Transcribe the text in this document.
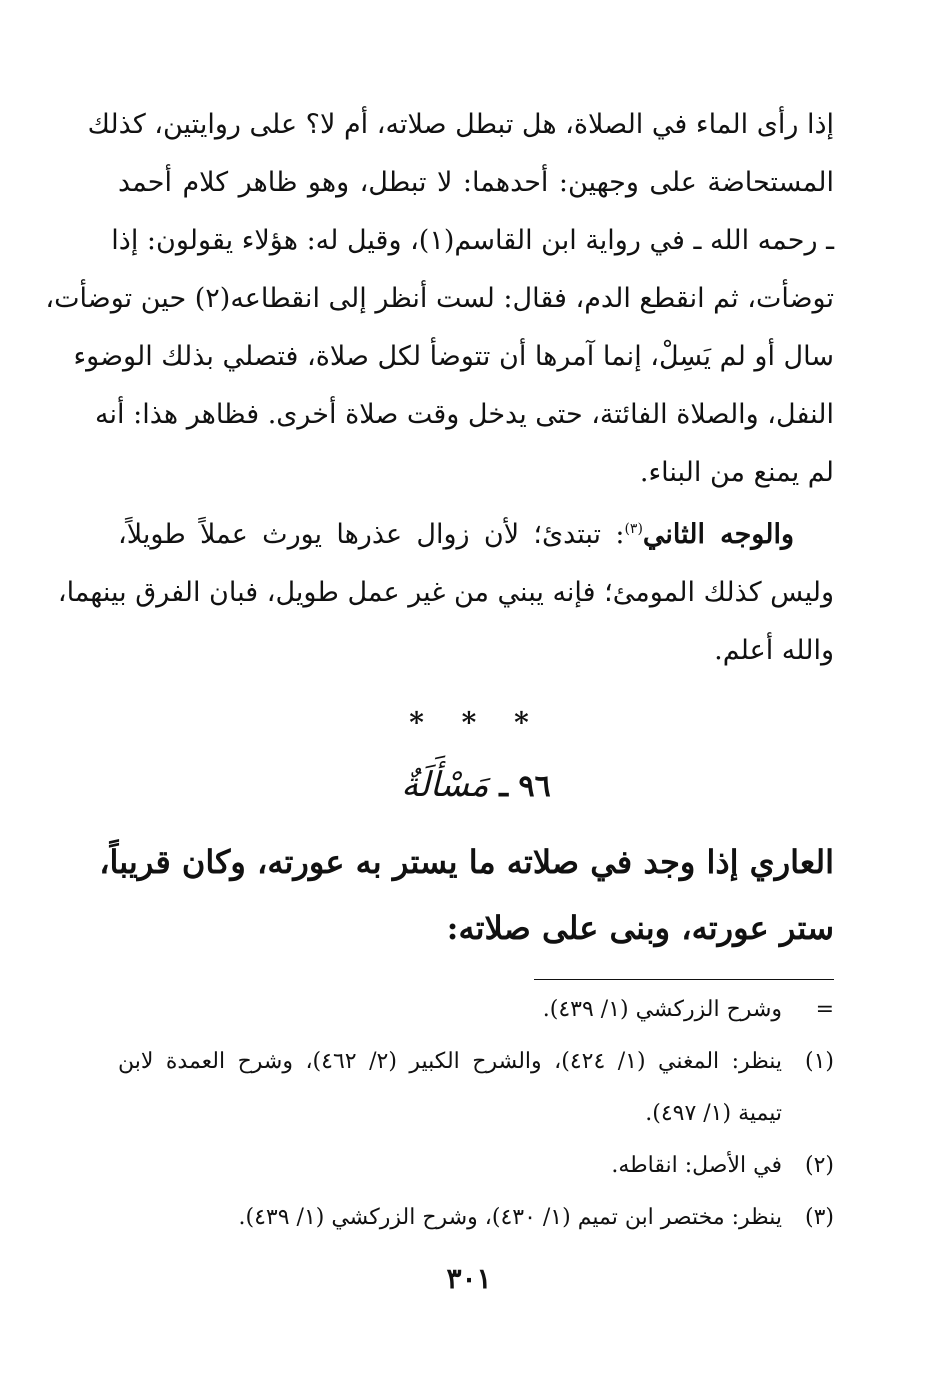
إذا رأى الماء في الصلاة، هل تبطل صلاته، أم لا؟ على روايتين، كذلك
المستحاضة على وجهين: أحدهما: لا تبطل، وهو ظاهر كلام أحمد
ـ رحمه الله ـ في رواية ابن القاسم(١)، وقيل له: هؤلاء يقولون: إذا
توضأت، ثم انقطع الدم، فقال: لست أنظر إلى انقطاعه(٢) حين توضأت،
سال أو لم يَسِلْ، إنما آمرها أن تتوضأ لكل صلاة، فتصلي بذلك الوضوء
النفل، والصلاة الفائتة، حتى يدخل وقت صلاة أخرى. فظاهر هذا: أنه
لم يمنع من البناء.

والوجه الثاني$^{(٣)}$: تبتدئ؛ لأن زوال عذرها يورث عملاً طويلاً،
وليس كذلك المومئ؛ فإنه يبني من غير عمل طويل، فبان الفرق بينهما،
والله أعلم.

* * *
٩٦ ـ مَسْأَلَةٌ
العاري إذا وجد في صلاته ما يستر به عورته، وكان قريباً،
ستر عورته، وبنى على صلاته:
=
وشرح الزركشي (١/ ٤٣٩).
(١)
ينظر: المغني (١/ ٤٢٤)، والشرح الكبير (٢/ ٤٦٢)، وشرح العمدة لابن
تيمية (١/ ٤٩٧).
(٢)
في الأصل: انقاطه.
(٣)
ينظر: مختصر ابن تميم (١/ ٤٣٠)، وشرح الزركشي (١/ ٤٣٩).
٣٠١
